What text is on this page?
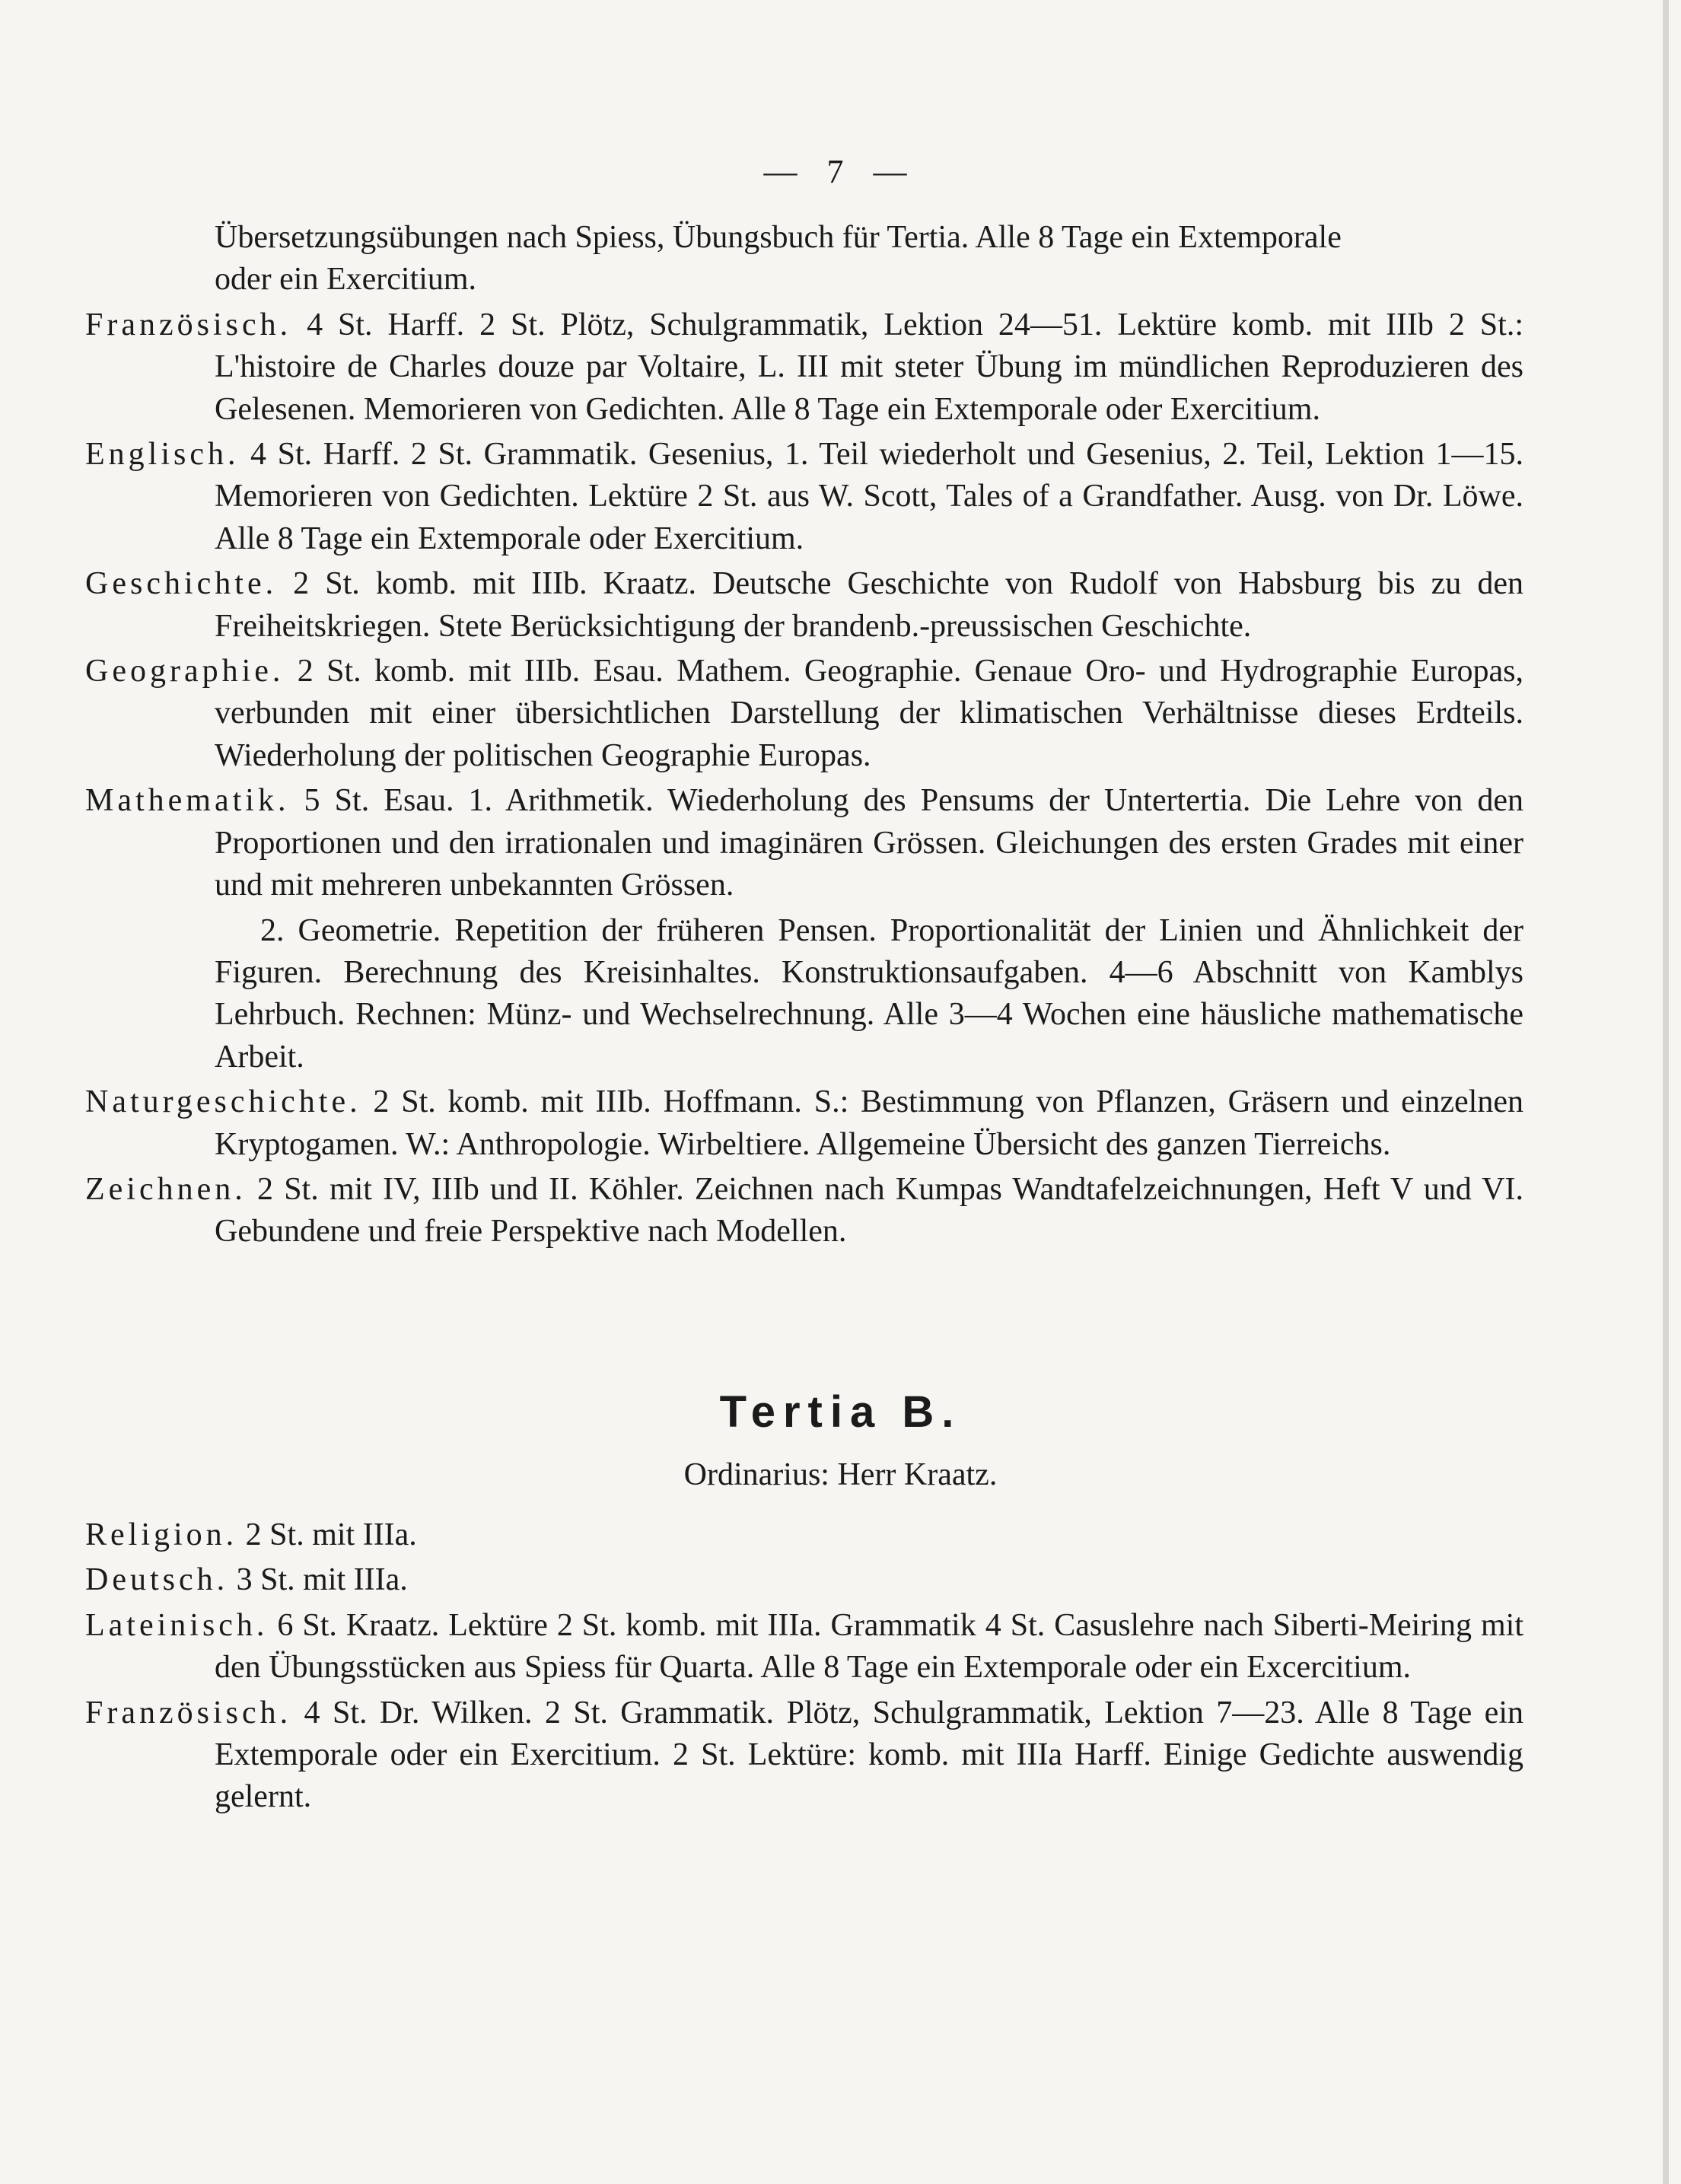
— 7 —
Übersetzungsübungen nach Spiess, Übungsbuch für Tertia. Alle 8 Tage ein Extemporale
oder ein Exercitium.
Französisch. 4 St. Harff. 2 St. Plötz, Schulgrammatik, Lektion 24—51. Lektüre komb. mit IIIb 2 St.: L'histoire de Charles douze par Voltaire, L. III mit steter Übung im mündlichen Reproduzieren des Gelesenen. Memorieren von Gedichten. Alle 8 Tage ein Extemporale oder Exercitium.
Englisch. 4 St. Harff. 2 St. Grammatik. Gesenius, 1. Teil wiederholt und Gesenius, 2. Teil, Lektion 1—15. Memorieren von Gedichten. Lektüre 2 St. aus W. Scott, Tales of a Grandfather. Ausg. von Dr. Löwe. Alle 8 Tage ein Extemporale oder Exercitium.
Geschichte. 2 St. komb. mit IIIb. Kraatz. Deutsche Geschichte von Rudolf von Habsburg bis zu den Freiheitskriegen. Stete Berücksichtigung der brandenb.-preussischen Geschichte.
Geographie. 2 St. komb. mit IIIb. Esau. Mathem. Geographie. Genaue Oro- und Hydrographie Europas, verbunden mit einer übersichtlichen Darstellung der klimatischen Verhältnisse dieses Erdteils. Wiederholung der politischen Geographie Europas.
Mathematik. 5 St. Esau. 1. Arithmetik. Wiederholung des Pensums der Untertertia. Die Lehre von den Proportionen und den irrationalen und imaginären Grössen. Gleichungen des ersten Grades mit einer und mit mehreren unbekannten Grössen.
2. Geometrie. Repetition der früheren Pensen. Proportionalität der Linien und Ähnlichkeit der Figuren. Berechnung des Kreisinhaltes. Konstruktionsaufgaben. 4—6 Abschnitt von Kamblys Lehrbuch. Rechnen: Münz- und Wechselrechnung. Alle 3—4 Wochen eine häusliche mathematische Arbeit.
Naturgeschichte. 2 St. komb. mit IIIb. Hoffmann. S.: Bestimmung von Pflanzen, Gräsern und einzelnen Kryptogamen. W.: Anthropologie. Wirbeltiere. Allgemeine Übersicht des ganzen Tierreichs.
Zeichnen. 2 St. mit IV, IIIb und II. Köhler. Zeichnen nach Kumpas Wandtafelzeichnungen, Heft V und VI. Gebundene und freie Perspektive nach Modellen.
Tertia B.
Ordinarius: Herr Kraatz.
Religion. 2 St. mit IIIa.
Deutsch. 3 St. mit IIIa.
Lateinisch. 6 St. Kraatz. Lektüre 2 St. komb. mit IIIa. Grammatik 4 St. Casuslehre nach Siberti-Meiring mit den Übungsstücken aus Spiess für Quarta. Alle 8 Tage ein Extemporale oder ein Excercitium.
Französisch. 4 St. Dr. Wilken. 2 St. Grammatik. Plötz, Schulgrammatik, Lektion 7—23. Alle 8 Tage ein Extemporale oder ein Exercitium. 2 St. Lektüre: komb. mit IIIa Harff. Einige Gedichte auswendig gelernt.
